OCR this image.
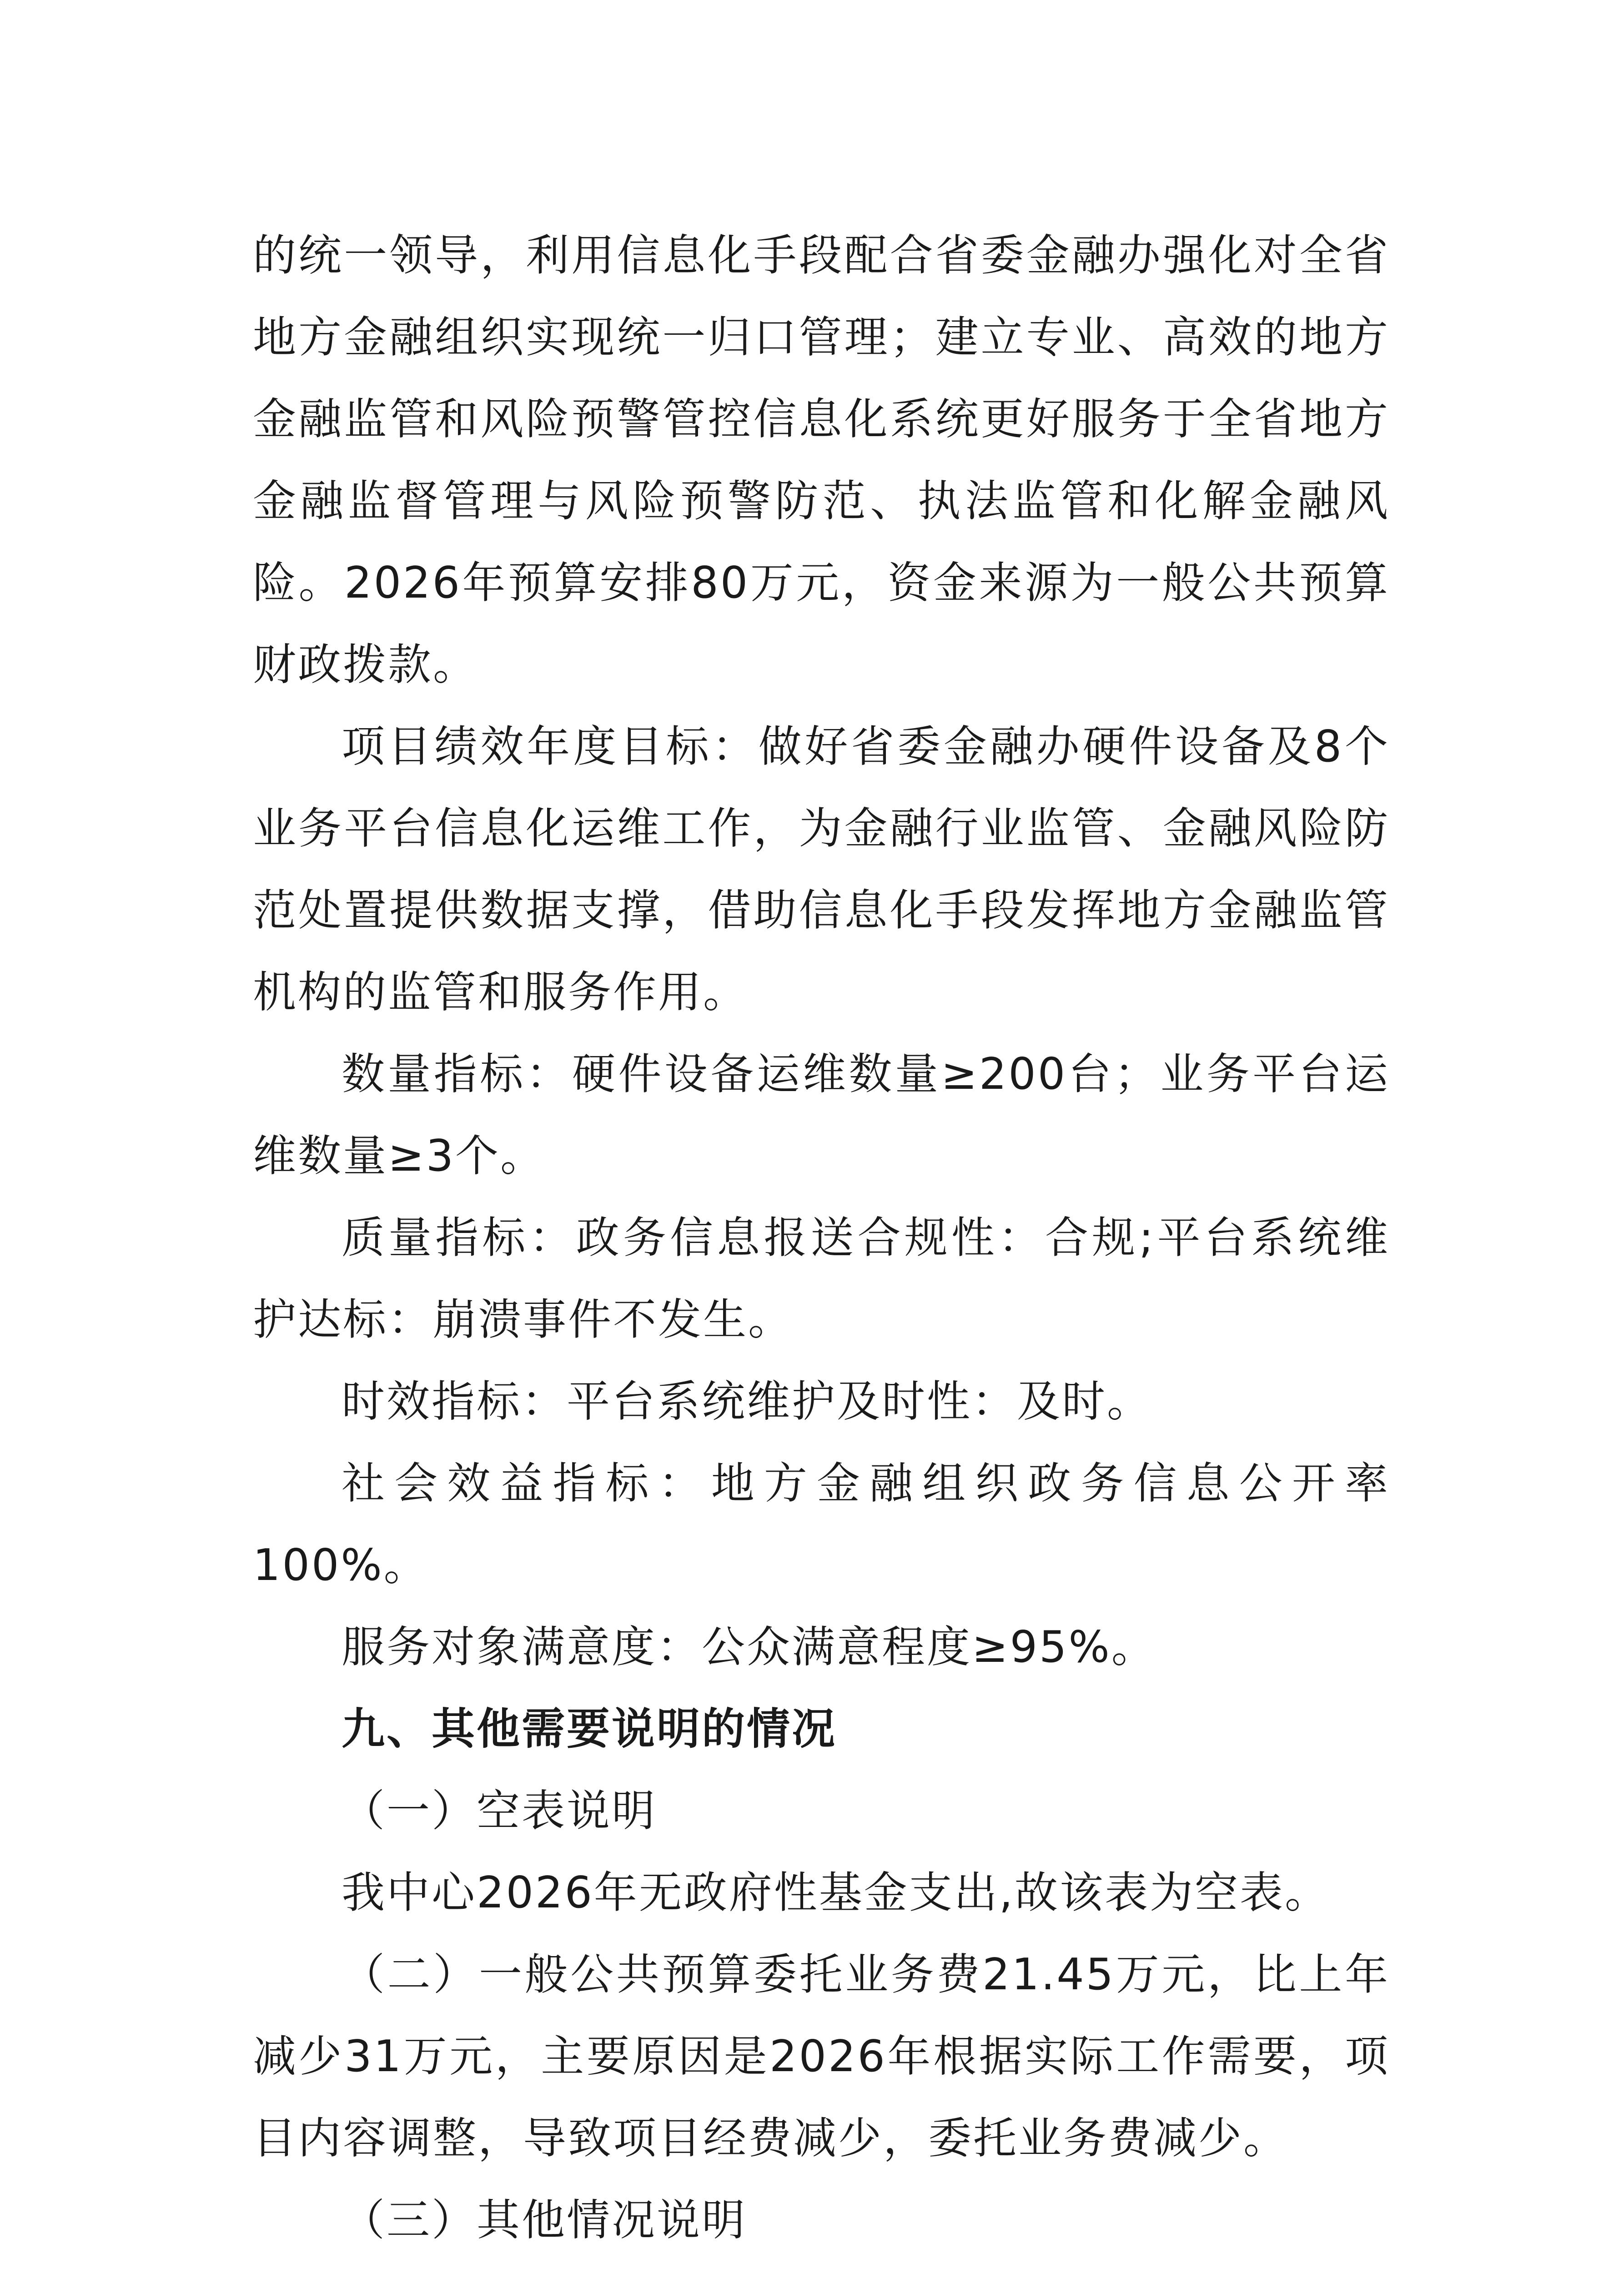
的统一领导，利用信息化手段配合省委金融办强化对全省地方金融组织实现统一归口管理；建立专业、高效的地方金融监管和风险预警管控信息化系统更好服务于全省地方金融监督管理与风险预警防范、执法监管和化解金融风险。2026年预算安排80万元，资金来源为一般公共预算财政拨款。

项目绩效年度目标：做好省委金融办硬件设备及8个业务平台信息化运维工作，为金融行业监管、金融风险防范处置提供数据支撑，借助信息化手段发挥地方金融监管机构的监管和服务作用。

数量指标：硬件设备运维数量≥200台；业务平台运维数量≥3个。

质量指标：政务信息报送合规性：合规;平台系统维护达标：崩溃事件不发生。

时效指标：平台系统维护及时性：及时。

社会效益指标：地方金融组织政务信息公开率100%。

服务对象满意度：公众满意程度≥95%。

九、其他需要说明的情况

（一）空表说明

我中心2026年无政府性基金支出,故该表为空表。

（二）一般公共预算委托业务费21.45万元，比上年减少31万元，主要原因是2026年根据实际工作需要，项目内容调整，导致项目经费减少，委托业务费减少。

（三）其他情况说明
